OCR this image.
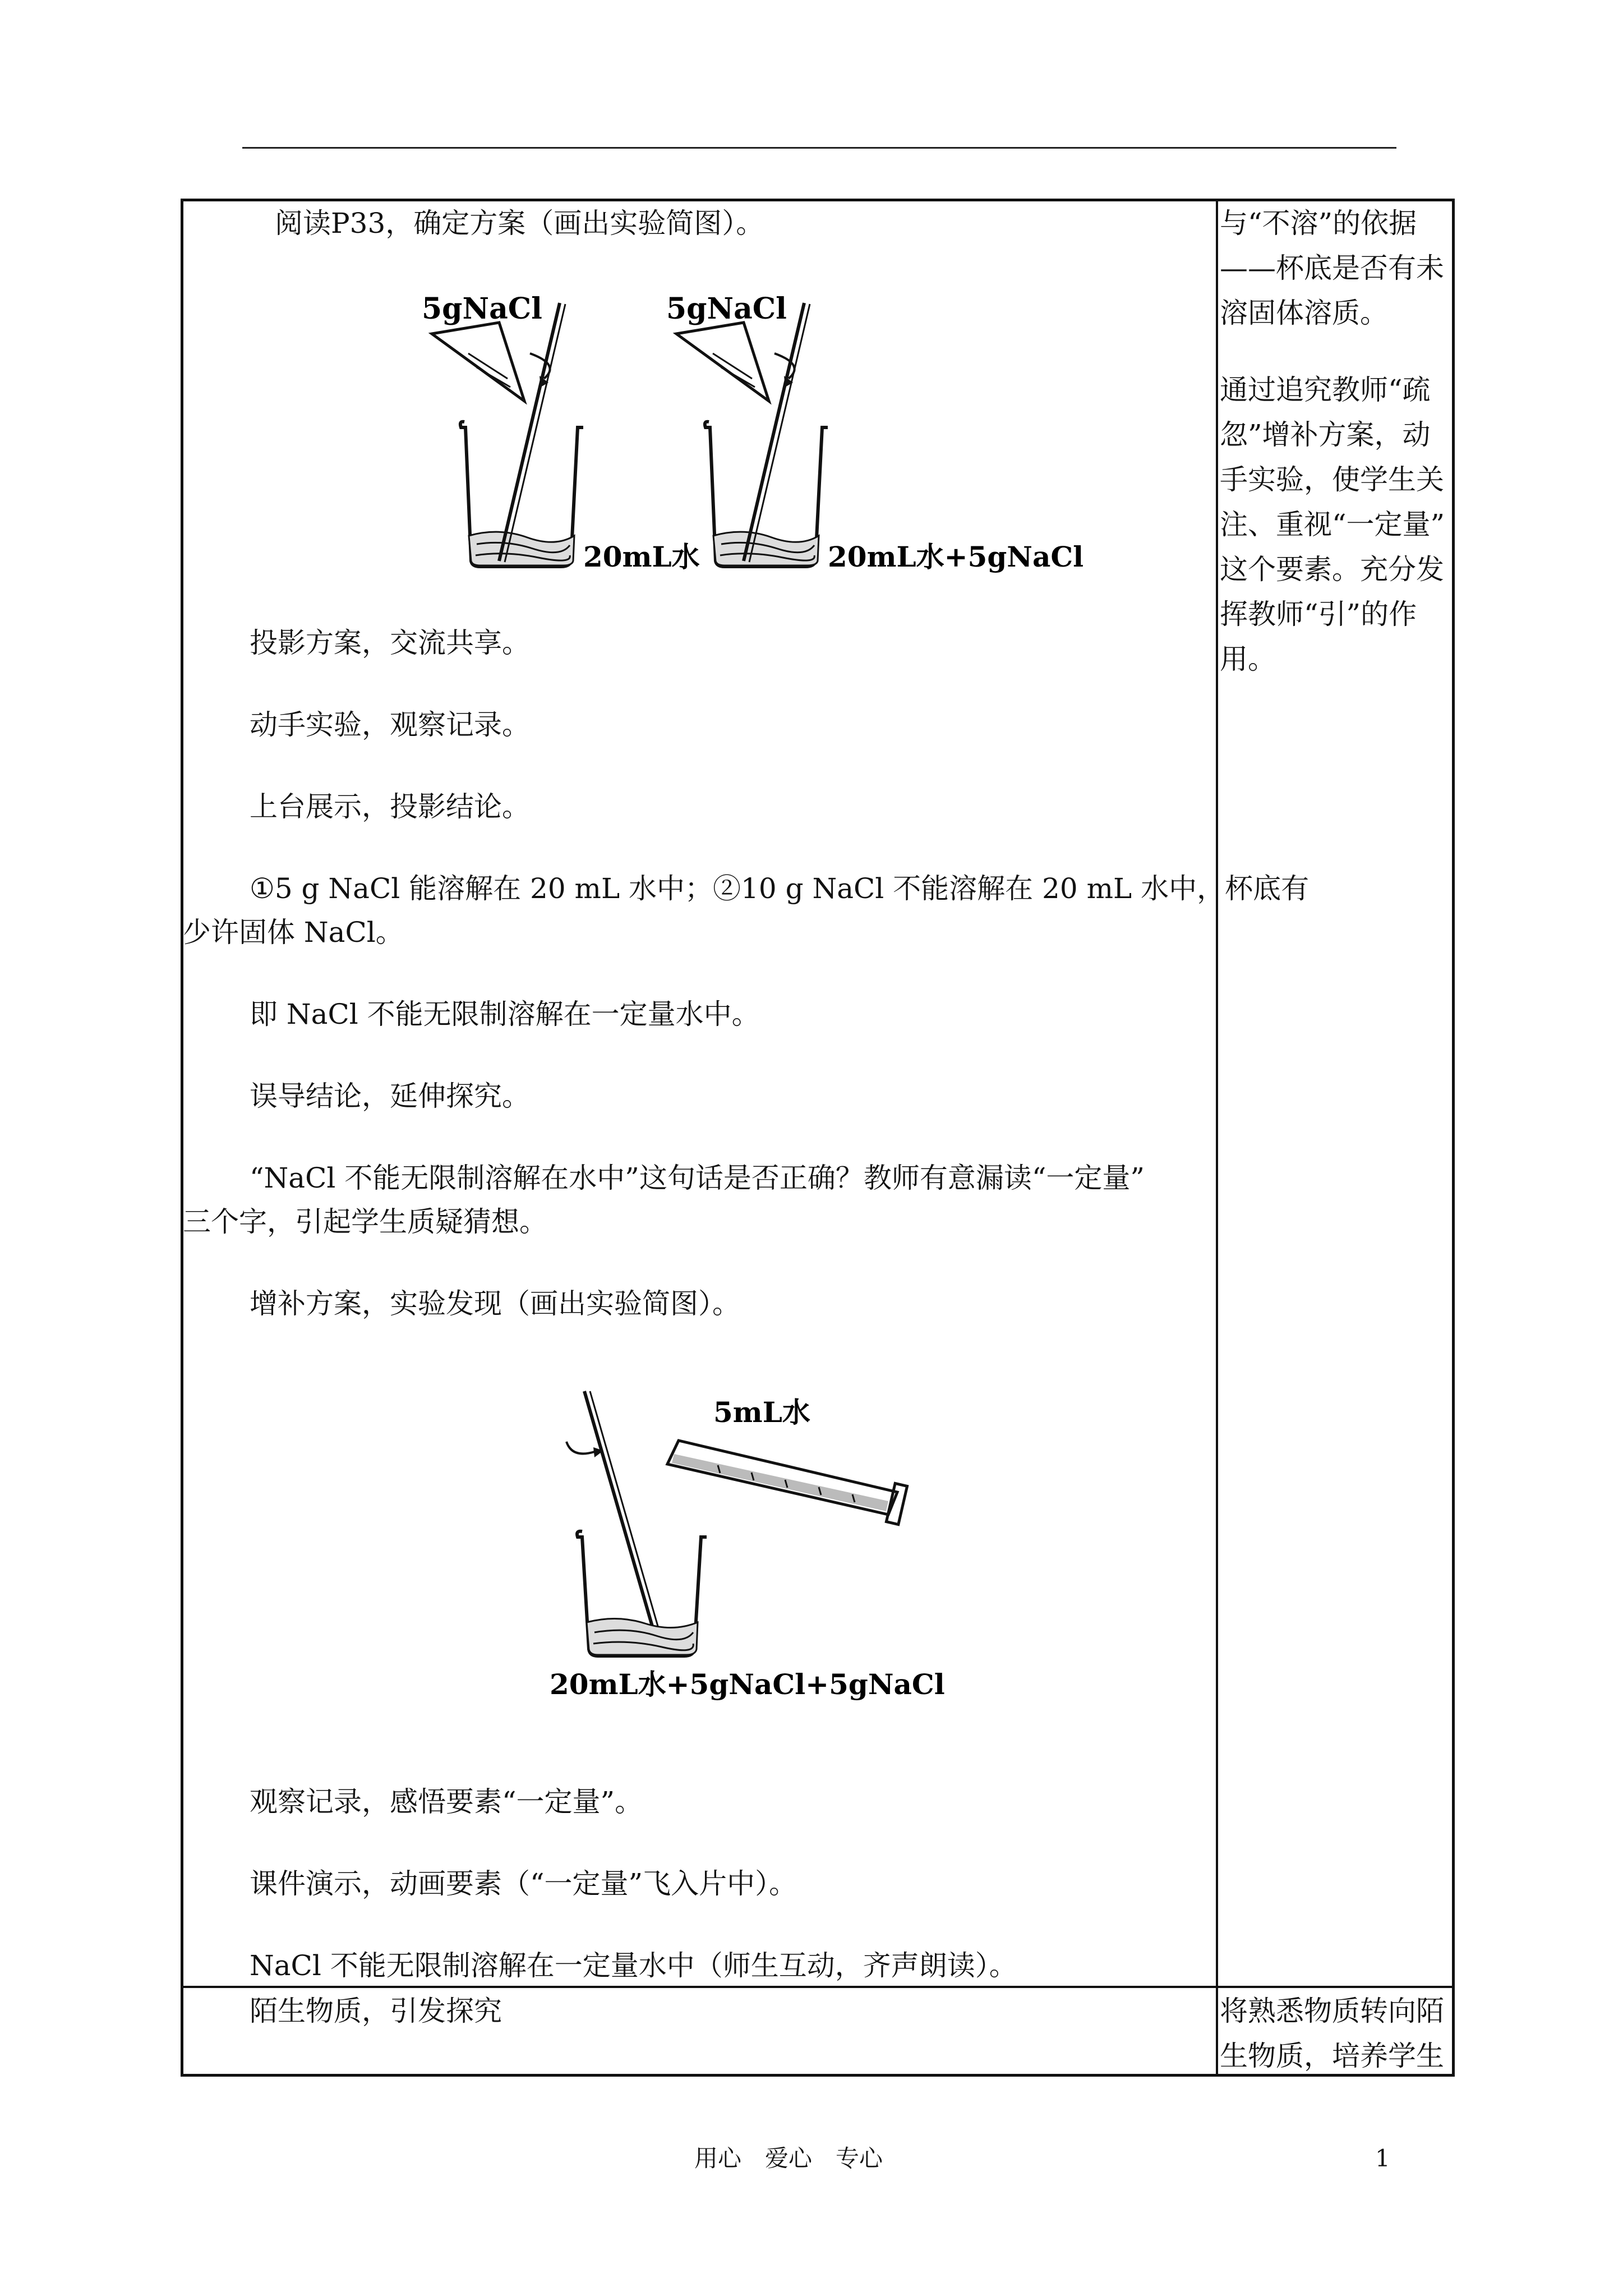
阅读P33，确定方案（画出实验简图）。
5gNaCl
20mL水
5gNaCl
20mL水+5gNaCl
投影方案，交流共享。
动手实验，观察记录。
上台展示，投影结论。
①5 g NaCl 能溶解在 20 mL 水中；②10 g NaCl 不能溶解在 20 mL 水中，杯底有
少许固体 NaCl。
即 NaCl 不能无限制溶解在一定量水中。
误导结论，延伸探究。
“NaCl 不能无限制溶解在水中”这句话是否正确？教师有意漏读“一定量”
三个字，引起学生质疑猜想。
增补方案，实验发现（画出实验简图）。
5mL水
20mL水+5gNaCl+5gNaCl
观察记录，感悟要素“一定量”。
课件演示，动画要素（“一定量”飞入片中）。
NaCl 不能无限制溶解在一定量水中（师生互动，齐声朗读）。
陌生物质，引发探究
与“不溶”的依据
——杯底是否有未
溶固体溶质。
通过追究教师“疏
忽”增补方案，动
手实验，使学生关
注、重视“一定量”
这个要素。充分发
挥教师“引”的作
用。
将熟悉物质转向陌
生物质，培养学生
用心　爱心　专心	1
